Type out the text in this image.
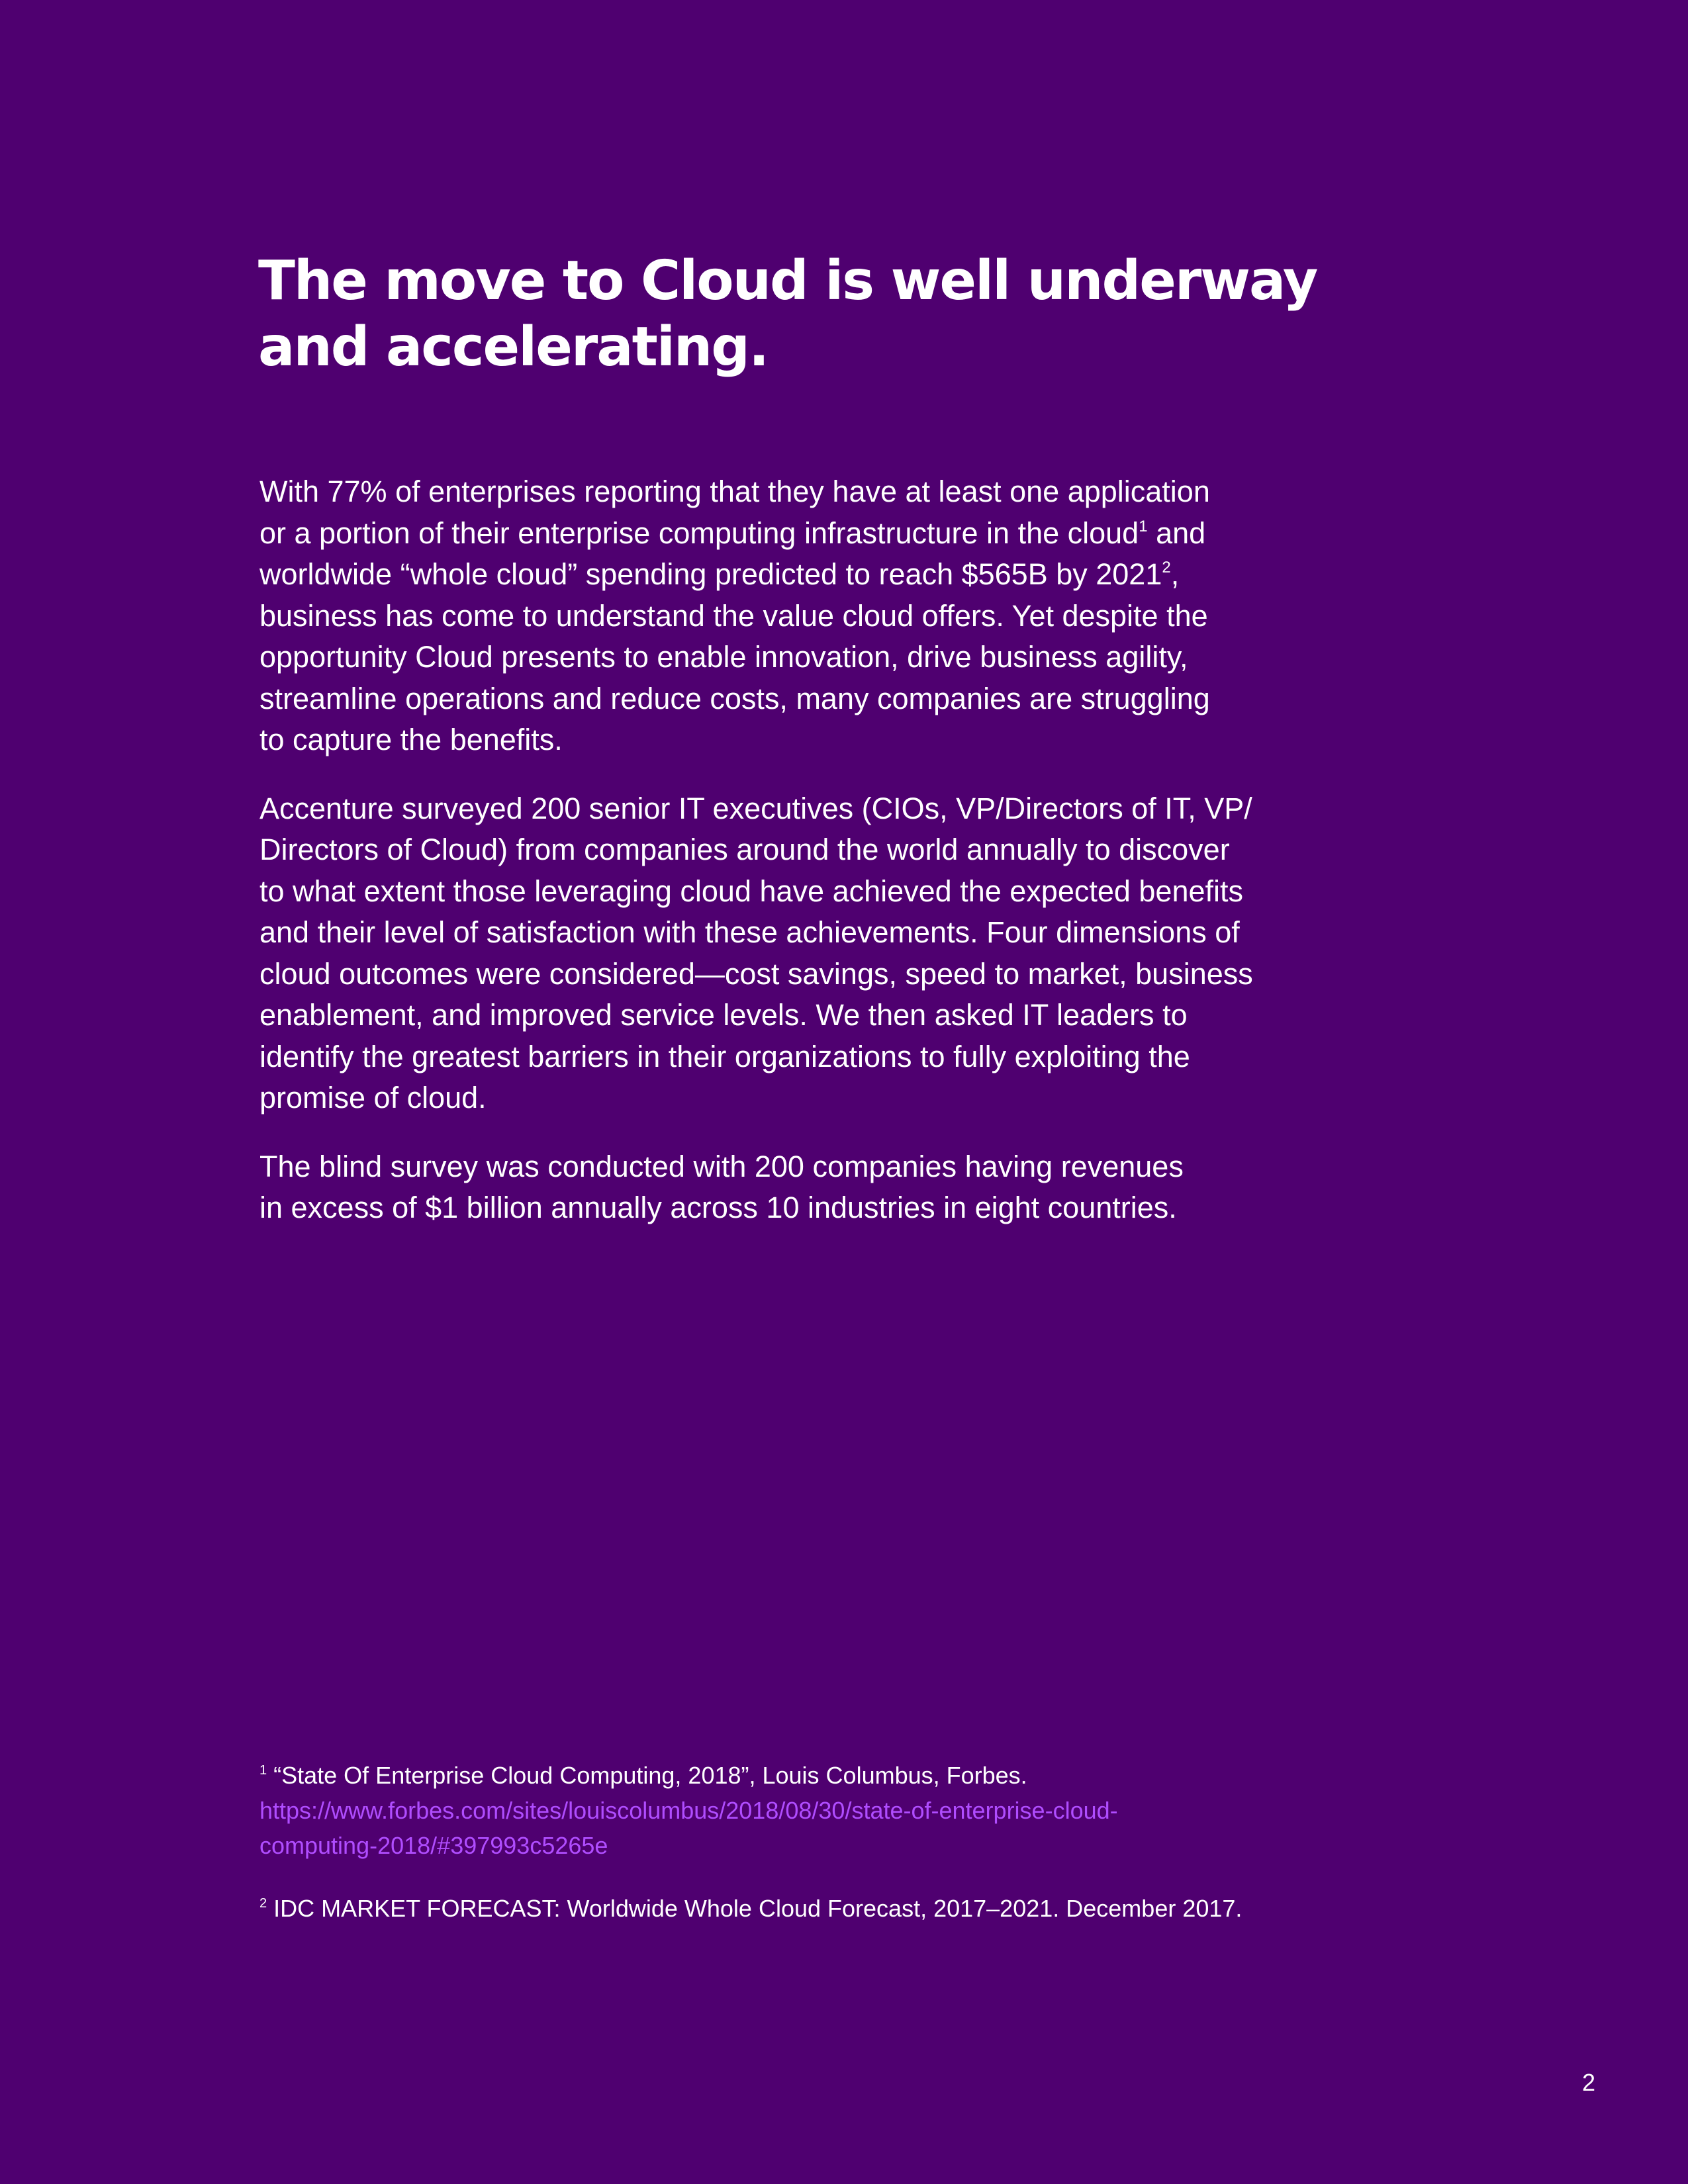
The move to Cloud is well underway
and accelerating.

With 77% of enterprises reporting that they have at least one application
or a portion of their enterprise computing infrastructure in the cloud$^1$ and
worldwide “whole cloud” spending predicted to reach $565B by 2021$^2$,
business has come to understand the value cloud offers. Yet despite the
opportunity Cloud presents to enable innovation, drive business agility,
streamline operations and reduce costs, many companies are struggling
to capture the benefits.

Accenture surveyed 200 senior IT executives (CIOs, VP/Directors of IT, VP/
Directors of Cloud) from companies around the world annually to discover
to what extent those leveraging cloud have achieved the expected benefits
and their level of satisfaction with these achievements. Four dimensions of
cloud outcomes were considered—cost savings, speed to market, business
enablement, and improved service levels. We then asked IT leaders to
identify the greatest barriers in their organizations to fully exploiting the
promise of cloud.

The blind survey was conducted with 200 companies having revenues
in excess of $1 billion annually across 10 industries in eight countries.

$^1$ “State Of Enterprise Cloud Computing, 2018”, Louis Columbus, Forbes.
https://www.forbes.com/sites/louiscolumbus/2018/08/30/state-of-enterprise-cloud-
computing-2018/#397993c5265e
$^2$ IDC MARKET FORECAST: Worldwide Whole Cloud Forecast, 2017–2021. December 2017.
2
